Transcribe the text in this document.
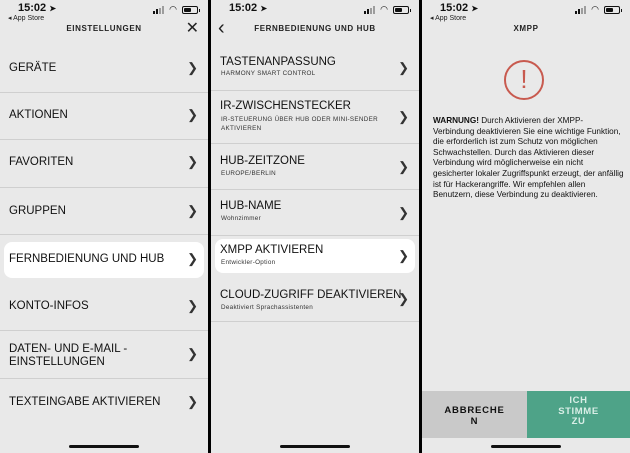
15:02 ➤
◂ App Store
◠
EINSTELLUNGEN	✕
GERÄTE	❯
AKTIONEN	❯
FAVORITEN	❯
GRUPPEN	❯
FERNBEDIENUNG UND HUB ❯
KONTO-INFOS	❯
DATEN- UND E-MAIL -
EINSTELLUNGEN
❯
TEXTEINGABE AKTIVIEREN ❯
15:02 ➤	◠
‹	FERNBEDIENUNG UND HUB
TASTENANPASSUNG
HARMONY SMART CONTROL	❯
IR-ZWISCHENSTECKER
IR-STEUERUNG ÜBER HUB ODER MINI-SENDER AKTIVIEREN
❯
HUB-ZEITZONE
EUROPE/BERLIN	❯
HUB-NAME
Wohnzimmer	❯
XMPP AKTIVIEREN
Entwickler-Option	❯
CLOUD-ZUGRIFF DEAKTIVIEREN
Deaktiviert Sprachassistenten
❯
15:02 ➤
◂ App Store
◠
XMPP
!
WARNUNG! Durch Aktivieren der XMPP-Verbindung deaktivieren Sie eine wichtige Funktion, die erforderlich ist zum Schutz von möglichen Schwachstellen. Durch das Aktivieren dieser Verbindung wird möglicherweise ein nicht gesicherter lokaler Zugriffspunkt erzeugt, der anfällig ist für Hackerangriffe. Wir empfehlen allen Benutzern, diese Verbindung zu deaktivieren.
ABBRECHE
N
ICH
STIMME
ZU
